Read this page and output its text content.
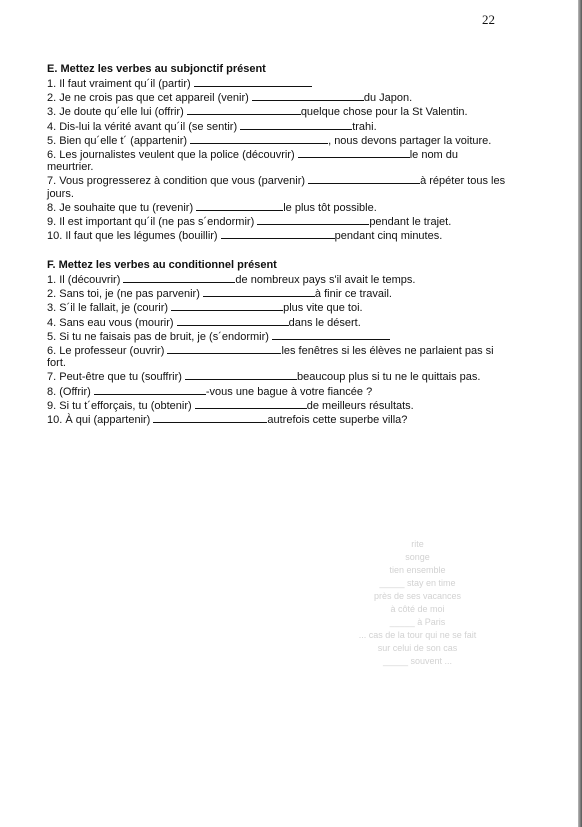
22
E. Mettez les verbes au subjonctif présent
1. Il faut vraiment qu´il (partir)
2. Je ne crois pas que cet appareil (venir)	du Japon.
3. Je doute qu´elle lui (offrir)	quelque chose pour la St Valentin.
4. Dis-lui la vérité avant qu´il (se sentir)	trahi.
5. Bien qu´elle t´ (appartenir)	, nous devons partager la voiture.
6. Les journalistes veulent que la police (découvrir)	le nom du meurtrier.
7. Vous progresserez à condition que vous (parvenir)	à répéter tous les jours.
8. Je souhaite que tu (revenir)	le plus tôt possible.
9. Il est important qu´il (ne pas s´endormir)	pendant le trajet.
10. Il faut que les légumes (bouillir)	pendant cinq minutes.
F. Mettez les verbes au conditionnel présent
1. Il (découvrir)	de nombreux pays s'il avait le temps.
2. Sans toi, je (ne pas parvenir)	à finir ce travail.
3. S´il le fallait, je (courir)	plus vite que toi.
4. Sans eau vous (mourir)	dans le désert.
5. Si tu ne faisais pas de bruit, je (s´endormir)
6. Le professeur (ouvrir)	les fenêtres si les élèves ne parlaient pas si fort.
7. Peut-être que tu (souffrir)	beaucoup plus si tu ne le quittais pas.
8. (Offrir)	-vous une bague à votre fiancée ?
9. Si tu t´efforçais, tu (obtenir)	de meilleurs résultats.
10. À qui (appartenir)	autrefois cette superbe villa?
rite
songe
tien ensemble
_____ stay en time
près de ses vacances
à côté de moi
_____ à Paris
... cas de la tour qui ne se fait
sur celui de son cas
_____ souvent ...
